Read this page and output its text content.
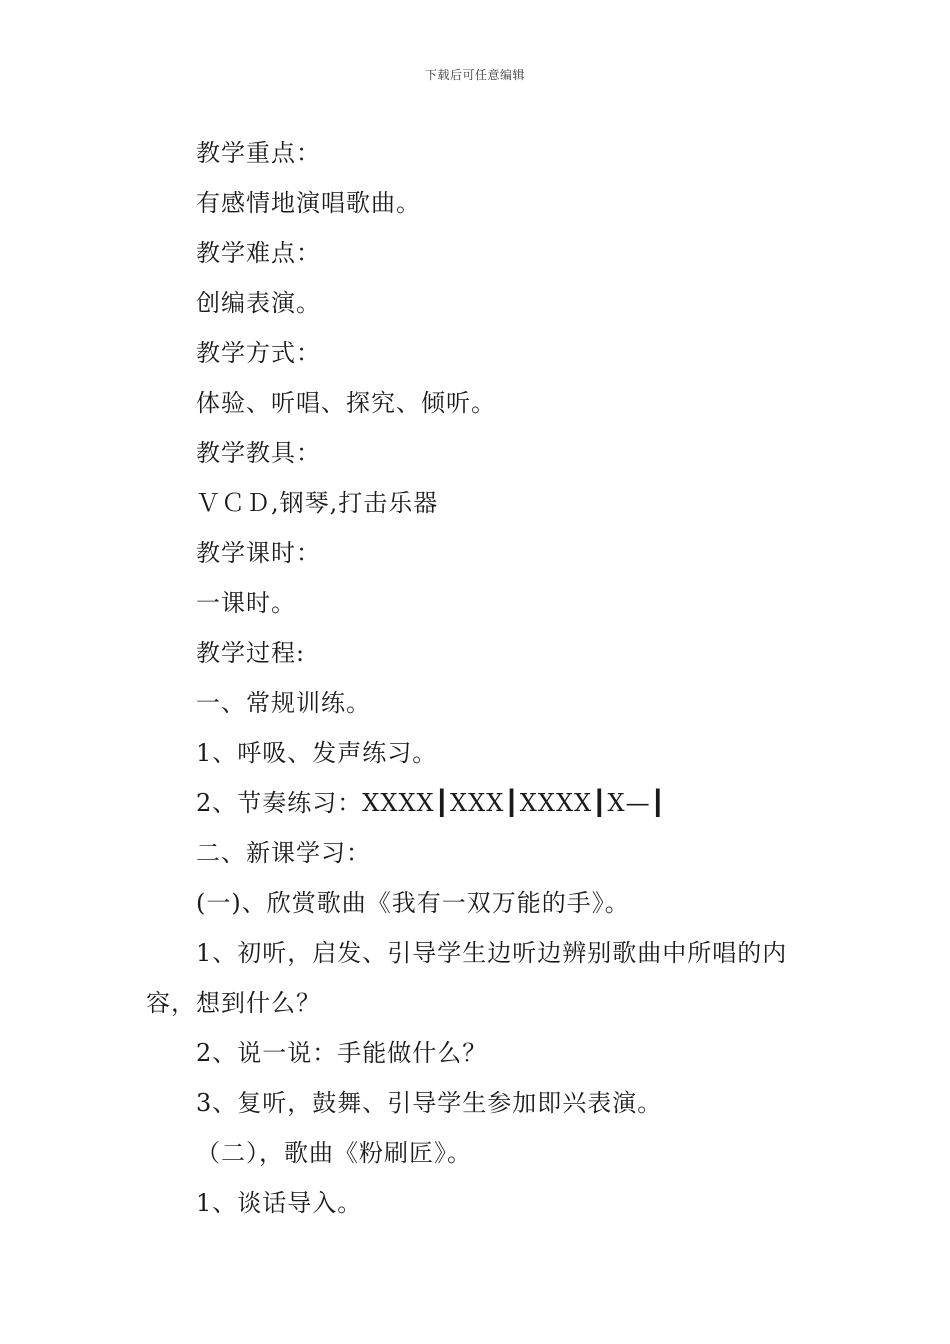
下载后可任意编辑
教学重点：
有感情地演唱歌曲。
教学难点：
创编表演。
教学方式：
体验、听唱、探究、倾听。
教学教具：
ＶＣＤ,钢琴,打击乐器
教学课时：
一课时。
教学过程:
一、常规训练。
1、呼吸、发声练习。
2、节奏练习：XXXX┃XXX┃XXXX┃X—┃
二、新课学习：
(一)、欣赏歌曲《我有一双万能的手》。
1、初听，启发、引导学生边听边辨别歌曲中所唱的内容，想到什么？
2、说一说：手能做什么？
3、复听，鼓舞、引导学生参加即兴表演。
（二），歌曲《粉刷匠》。
1、谈话导入。
